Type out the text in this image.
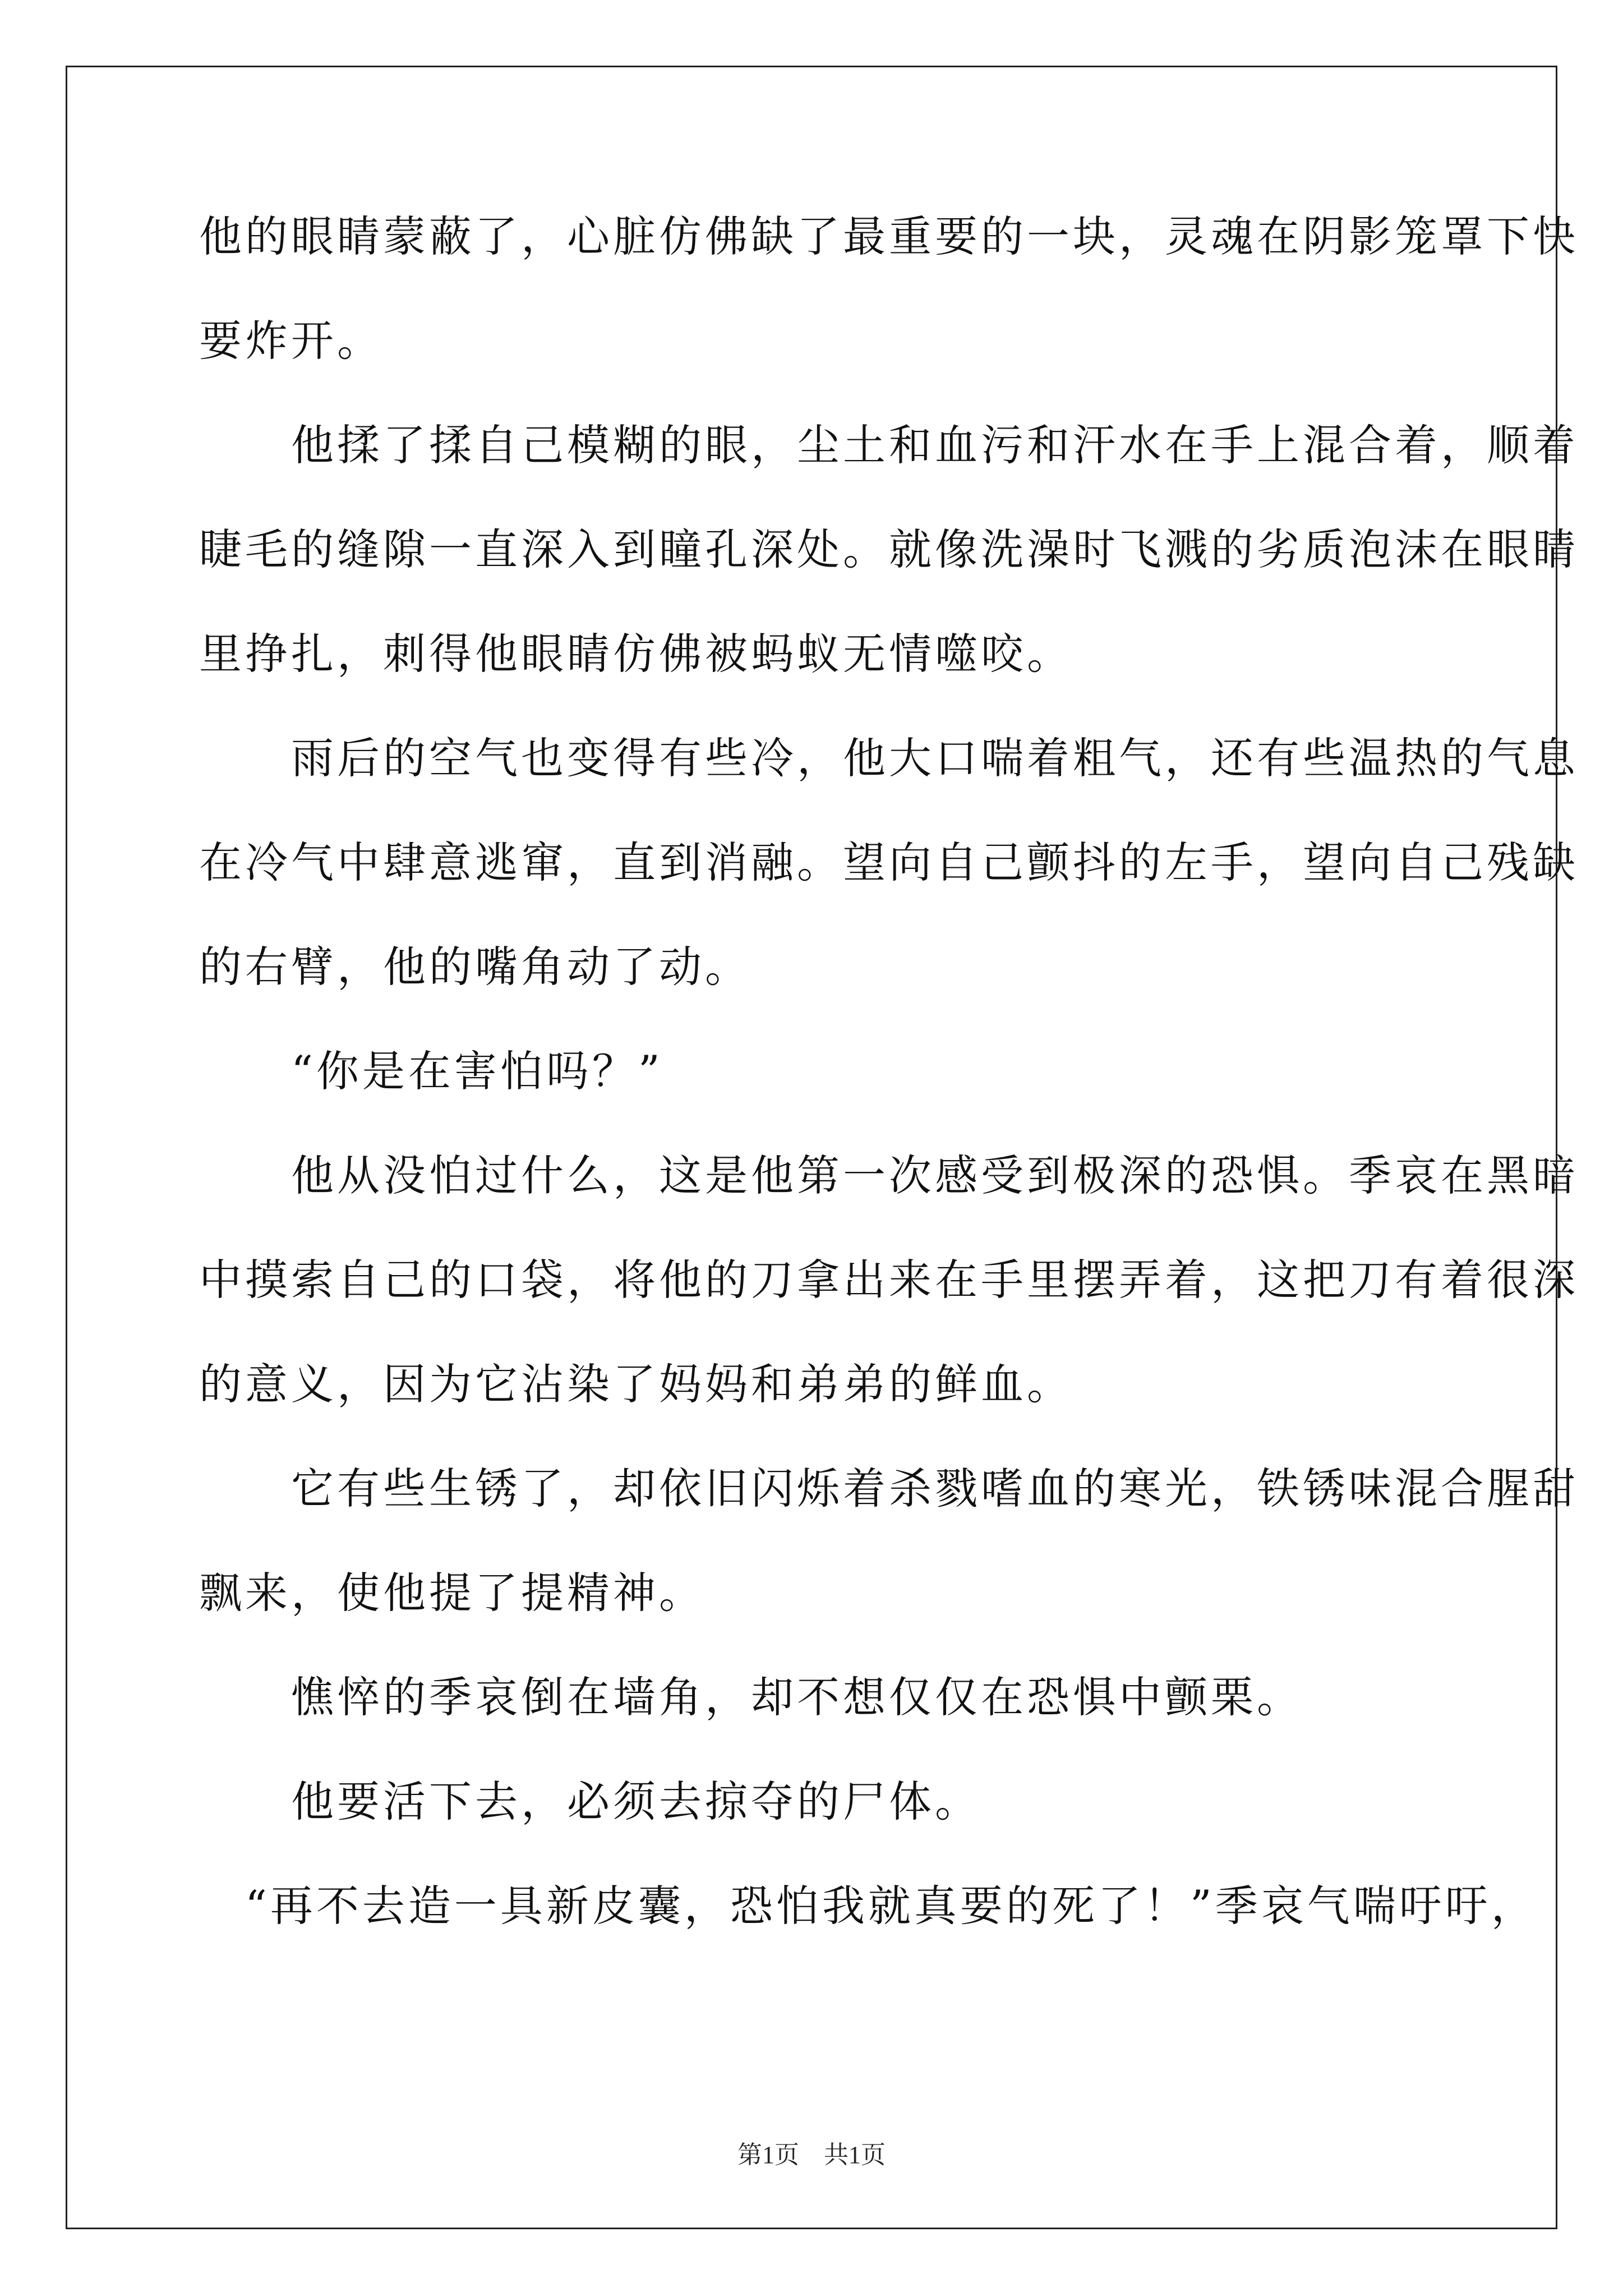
他的眼睛蒙蔽了，心脏仿佛缺了最重要的一块，灵魂在阴影笼罩下快
要炸开。
　　他揉了揉自己模糊的眼，尘土和血污和汗水在手上混合着，顺着
睫毛的缝隙一直深入到瞳孔深处。就像洗澡时飞溅的劣质泡沫在眼睛
里挣扎，刺得他眼睛仿佛被蚂蚁无情噬咬。
　　雨后的空气也变得有些冷，他大口喘着粗气，还有些温热的气息
在冷气中肆意逃窜，直到消融。望向自己颤抖的左手，望向自己残缺
的右臂，他的嘴角动了动。
　　“你是在害怕吗？”
　　他从没怕过什么，这是他第一次感受到极深的恐惧。季哀在黑暗
中摸索自己的口袋，将他的刀拿出来在手里摆弄着，这把刀有着很深
的意义，因为它沾染了妈妈和弟弟的鲜血。
　　它有些生锈了，却依旧闪烁着杀戮嗜血的寒光，铁锈味混合腥甜
飘来，使他提了提精神。
　　憔悴的季哀倒在墙角，却不想仅仅在恐惧中颤栗。
　　他要活下去，必须去掠夺的尸体。
　“再不去造一具新皮囊，恐怕我就真要的死了！”季哀气喘吁吁，
第1页　共1页
